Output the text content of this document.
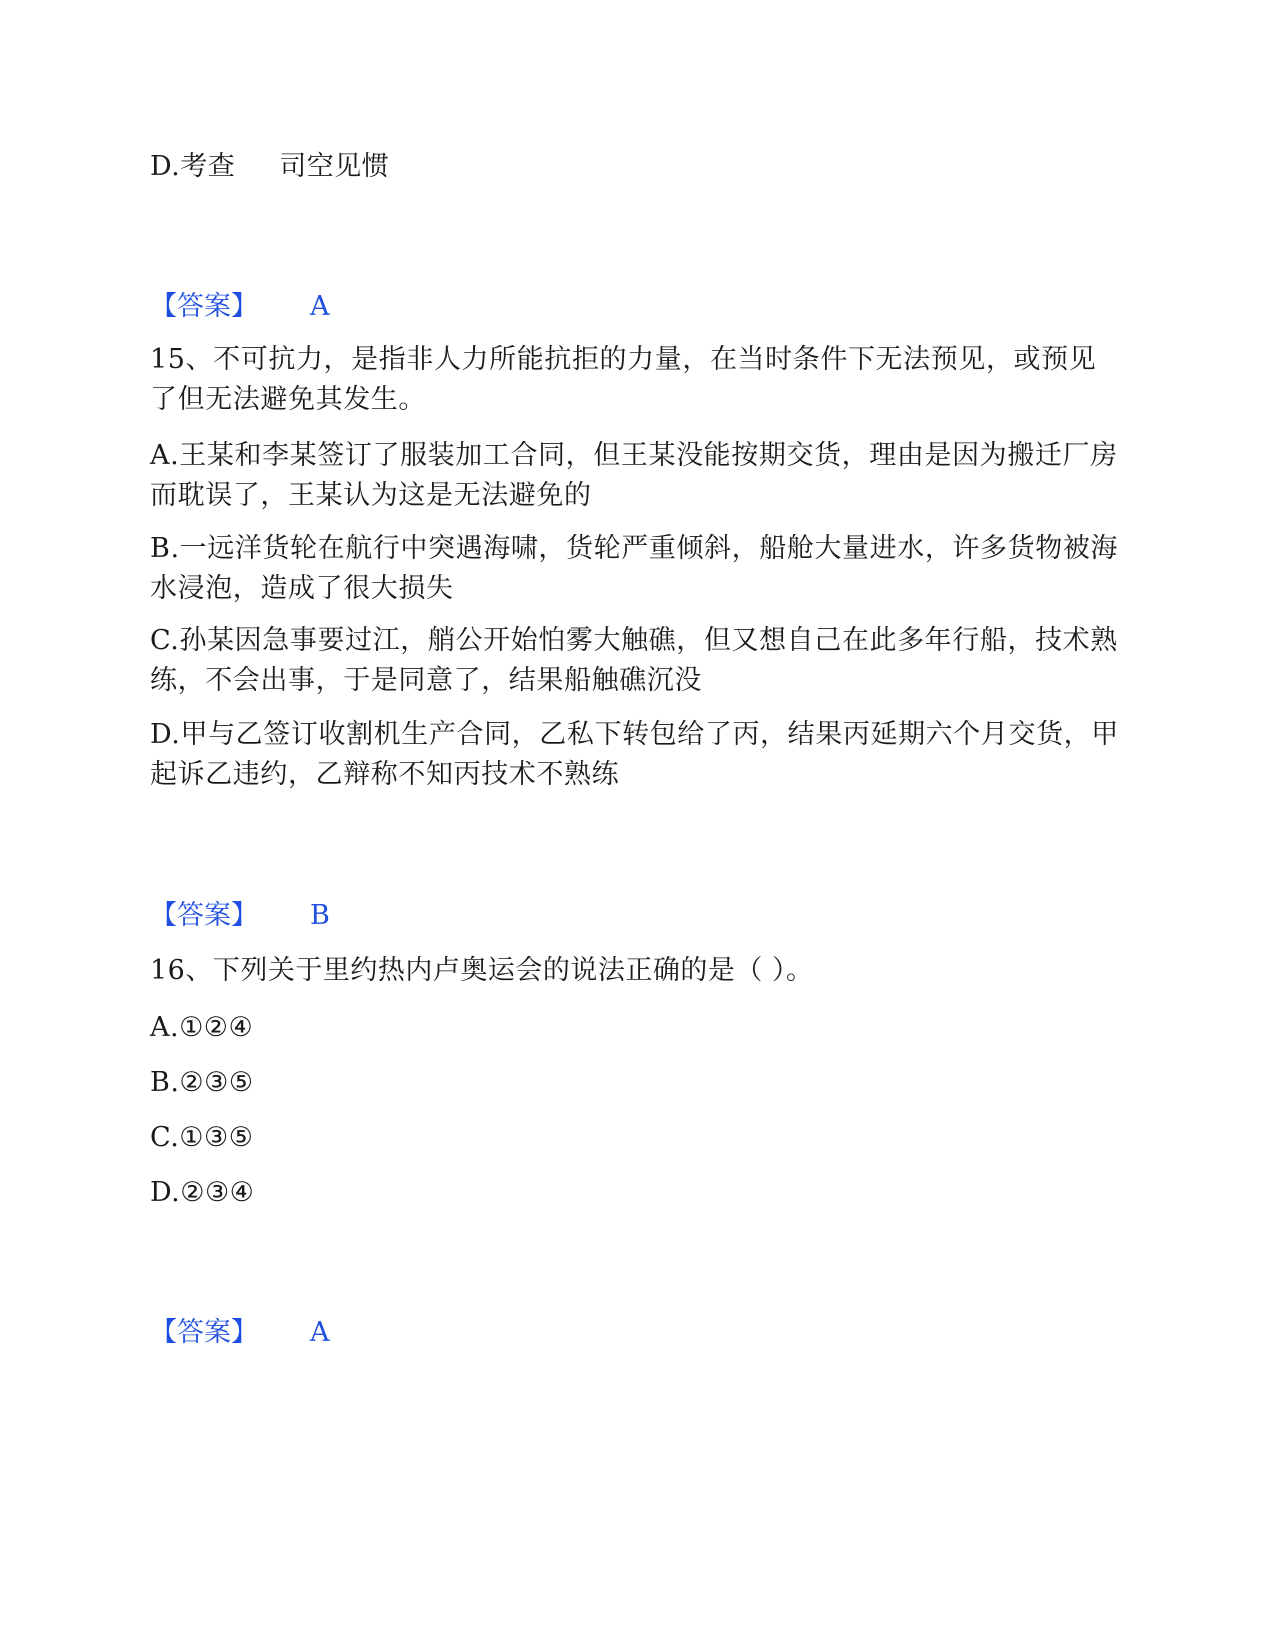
D.考查 司空见惯
【答案】 A
15、不可抗力，是指非人力所能抗拒的力量，在当时条件下无法预见，或预见了但无法避免其发生。
A.王某和李某签订了服装加工合同，但王某没能按期交货，理由是因为搬迁厂房而耽误了，王某认为这是无法避免的
B.一远洋货轮在航行中突遇海啸，货轮严重倾斜，船舱大量进水，许多货物被海水浸泡，造成了很大损失
C.孙某因急事要过江，艄公开始怕雾大触礁，但又想自己在此多年行船，技术熟练，不会出事，于是同意了，结果船触礁沉没
D.甲与乙签订收割机生产合同，乙私下转包给了丙，结果丙延期六个月交货，甲起诉乙违约，乙辩称不知丙技术不熟练
【答案】 B
16、下列关于里约热内卢奥运会的说法正确的是（ ）。
A.①②④
B.②③⑤
C.①③⑤
D.②③④
【答案】 A
